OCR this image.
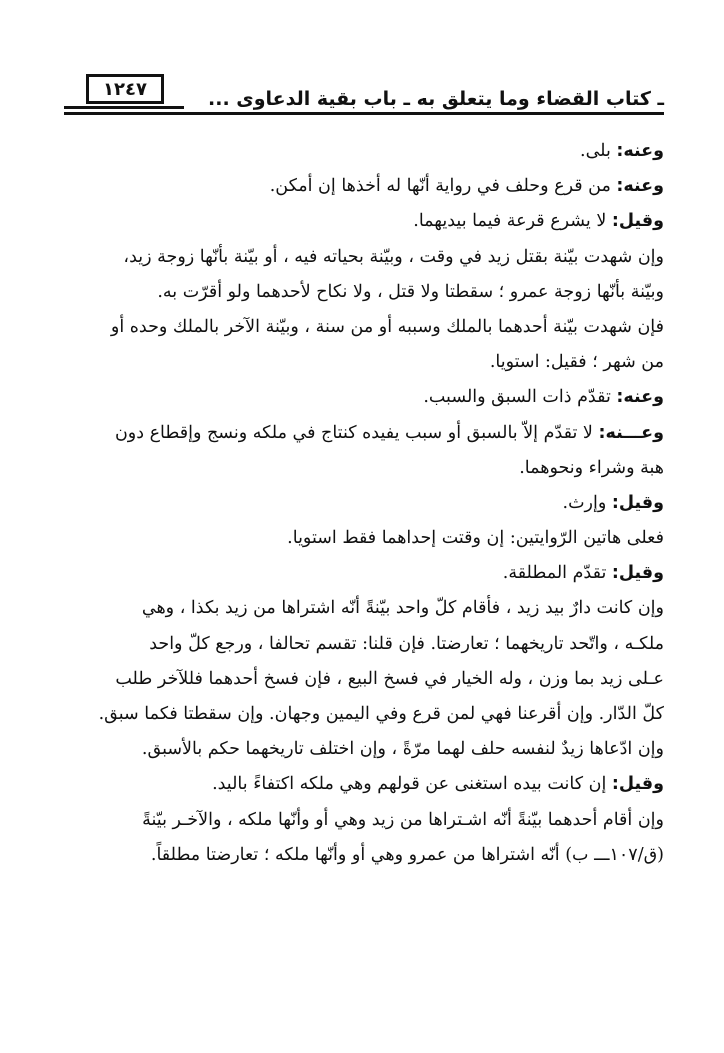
١٢٤٧	ـ كتاب القضاء وما يتعلق به ـ باب بقية الدعاوى ...
وعنه: بلى.
وعنه: من قرع وحلف في رواية أنّها له أخذها إن أمكن.
وقيل: لا يشرع قرعة فيما بيديهما.
وإن شهدت بيّنة بقتل زيد في وقت ، وبيّنة بحياته فيه ، أو بيّنة بأنّها زوجة زيد،
وبيّنة بأنّها زوجة عمرو ؛ سقطتا ولا قتل ، ولا نكاح لأحدهما ولو أقرّت به.
فإن شهدت بيّنة أحدهما بالملك وسببه أو من سنة ، وبيّنة الآخر بالملك وحده أو
من شهر ؛ فقيل: استويا.
وعنه: تقدّم ذات السبق والسبب.
وعـــنه: لا تقدّم إلاّ بالسبق أو سبب يفيده كنتاج في ملكه ونسج وإقطاع دون
هبة وشراء ونحوهما.
وقيل: وإرث.
فعلى هاتين الرّوايتين: إن وقتت إحداهما فقط استويا.
وقيل: تقدّم المطلقة.
وإن كانت دارٌ بيد زيد ، فأقام كلّ واحد بيّنةً أنّه اشتراها من زيد بكذا ، وهي
ملكـه ، واتّحد تاريخهما ؛ تعارضتا. فإن قلنا: تقسم تحالفا ، ورجع كلّ واحد
عـلى زيد بما وزن ، وله الخيار في فسخ البيع ، فإن فسخ أحدهما فللآخر طلب
كلّ الدّار. وإن أقرعنا فهي لمن قرع وفي اليمين وجهان. وإن سقطتا فكما سبق.
وإن ادّعاها زيدٌ لنفسه حلف لهما مرّةً ، وإن اختلف تاريخهما حكم بالأسبق.
وقيل: إن كانت بيده استغنى عن قولهم وهي ملكه اكتفاءً باليد.
وإن أقام أحدهما بيّنةً أنّه اشـتراها من زيد وهي أو وأنّها ملكه ، والآخـر بيّنةً
(ق/١٠٧ـــ ب) أنّه اشتراها من عمرو وهي أو وأنّها ملكه ؛ تعارضتا مطلقاً.
